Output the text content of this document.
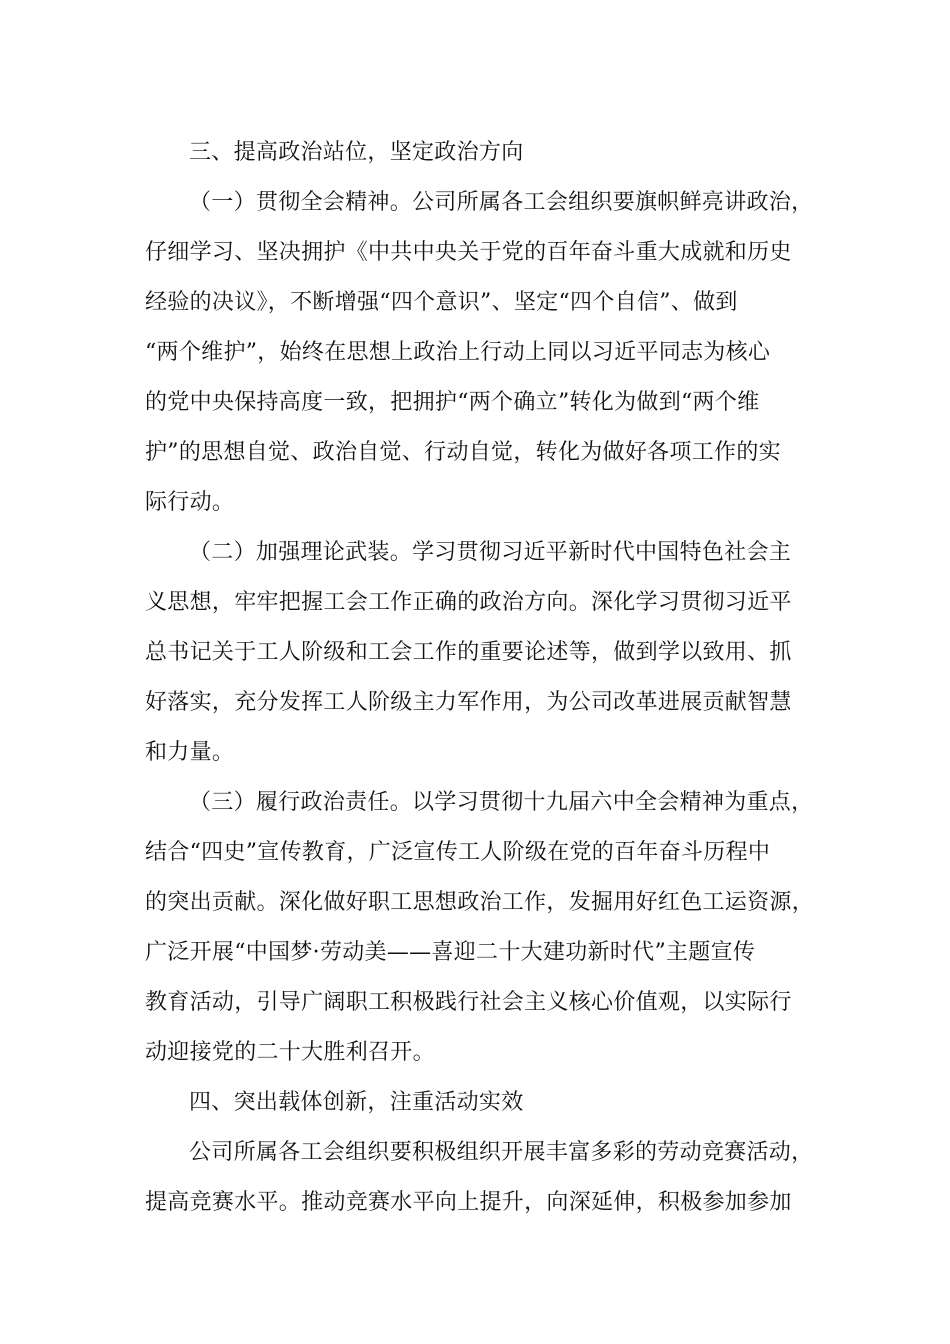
三、提高政治站位，坚定政治方向
（一）贯彻全会精神。公司所属各工会组织要旗帜鲜亮讲政治，
仔细学习、坚决拥护《中共中央关于党的百年奋斗重大成就和历史
经验的决议》，不断增强“四个意识”、坚定“四个自信”、做到
“两个维护”，始终在思想上政治上行动上同以习近平同志为核心
的党中央保持高度一致，把拥护“两个确立”转化为做到“两个维
护”的思想自觉、政治自觉、行动自觉，转化为做好各项工作的实
际行动。
（二）加强理论武装。学习贯彻习近平新时代中国特色社会主
义思想，牢牢把握工会工作正确的政治方向。深化学习贯彻习近平
总书记关于工人阶级和工会工作的重要论述等，做到学以致用、抓
好落实，充分发挥工人阶级主力军作用，为公司改革进展贡献智慧
和力量。
（三）履行政治责任。以学习贯彻十九届六中全会精神为重点，
结合“四史”宣传教育，广泛宣传工人阶级在党的百年奋斗历程中
的突出贡献。深化做好职工思想政治工作，发掘用好红色工运资源，
广泛开展“中国梦·劳动美——喜迎二十大建功新时代”主题宣传
教育活动，引导广阔职工积极践行社会主义核心价值观，以实际行
动迎接党的二十大胜利召开。
四、突出载体创新，注重活动实效
公司所属各工会组织要积极组织开展丰富多彩的劳动竞赛活动，
提高竞赛水平。推动竞赛水平向上提升，向深延伸，积极参加参加
